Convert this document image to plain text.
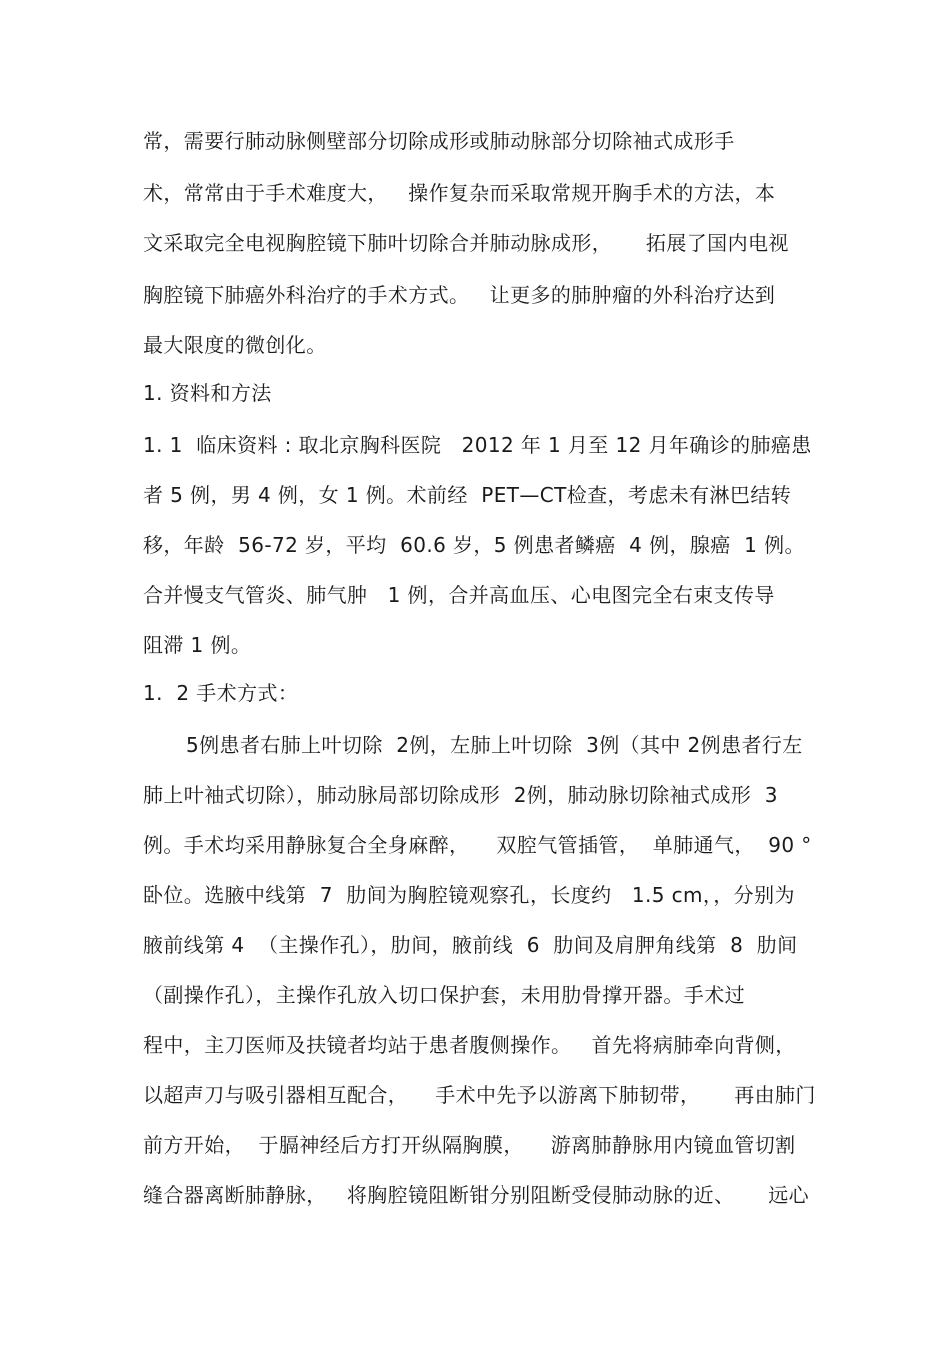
常，需要行肺动脉侧壁部分切除成形或肺动脉部分切除袖式成形手
术，常常由于手术难度大，   操作复杂而采取常规开胸手术的方法，本
文采取完全电视胸腔镜下肺叶切除合并肺动脉成形，     拓展了国内电视
胸腔镜下肺癌外科治疗的手术方式。   让更多的肺肿瘤的外科治疗达到
最大限度的微创化。
1. 资料和方法
1. 1  临床资料 : 取北京胸科医院   2012 年 1 月至 12 月年确诊的肺癌患
者 5 例，男 4 例，女 1 例。术前经  PET—CT检查，考虑未有淋巴结转
移，年龄  56-72 岁，平均  60.6 岁，5 例患者鳞癌  4 例，腺癌  1 例。
合并慢支气管炎、肺气肿   1 例，合并高血压、心电图完全右束支传导
阻滞 1 例。
1.  2 手术方式：
5例患者右肺上叶切除  2例，左肺上叶切除  3例（其中 2例患者行左
肺上叶袖式切除），肺动脉局部切除成形  2例，肺动脉切除袖式成形  3
例。手术均采用静脉复合全身麻醉，    双腔气管插管，  单肺通气，  90 °
卧位。选腋中线第  7  肋间为胸腔镜观察孔，长度约   1.5 cm，，分别为
腋前线第 4  （主操作孔），肋间，腋前线  6  肋间及肩胛角线第  8  肋间
（副操作孔），主操作孔放入切口保护套，未用肋骨撑开器。手术过
程中，主刀医师及扶镜者均站于患者腹侧操作。   首先将病肺牵向背侧，
以超声刀与吸引器相互配合，    手术中先予以游离下肺韧带，     再由肺门
前方开始，  于膈神经后方打开纵隔胸膜，    游离肺静脉用内镜血管切割
缝合器离断肺静脉，   将胸腔镜阻断钳分别阻断受侵肺动脉的近、     远心
